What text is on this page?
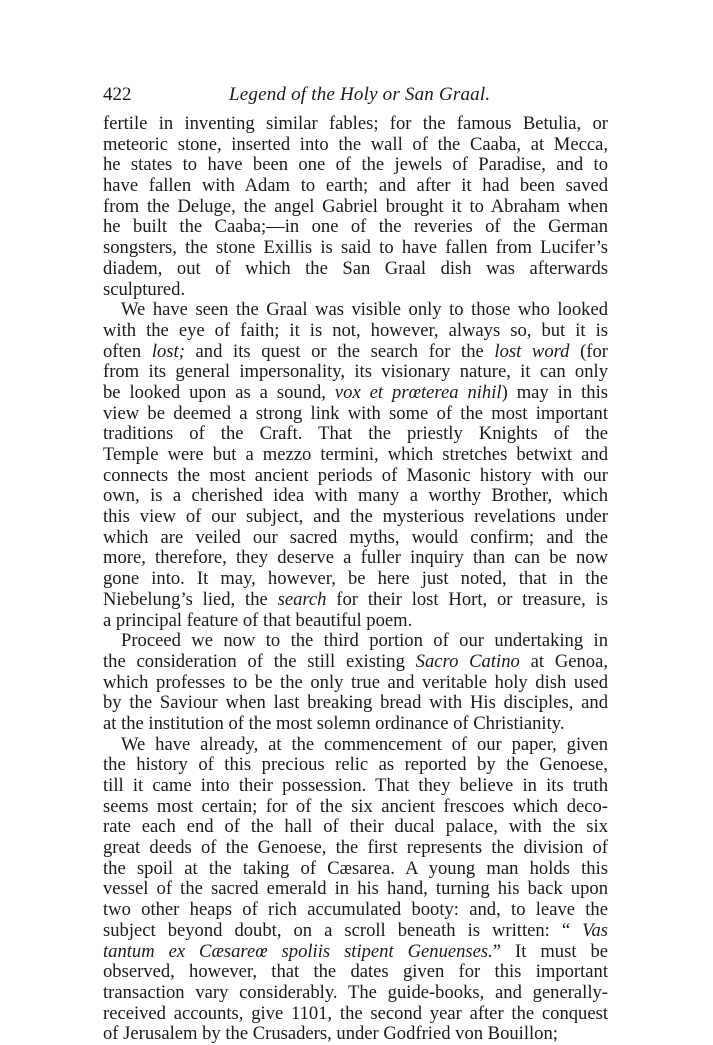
422	Legend of the Holy or San Graal.
fertile in inventing similar fables; for the famous Betulia, or
meteoric stone, inserted into the wall of the Caaba, at Mecca,
he states to have been one of the jewels of Paradise, and to
have fallen with Adam to earth; and after it had been saved
from the Deluge, the angel Gabriel brought it to Abraham when
he built the Caaba;—in one of the reveries of the German
songsters, the stone Exillis is said to have fallen from Lucifer’s
diadem, out of which the San Graal dish was afterwards
sculptured.
We have seen the Graal was visible only to those who looked
with the eye of faith; it is not, however, always so, but it is
often lost; and its quest or the search for the lost word (for
from its general impersonality, its visionary nature, it can only
be looked upon as a sound, vox et prœterea nihil) may in this
view be deemed a strong link with some of the most important
traditions of the Craft. That the priestly Knights of the
Temple were but a mezzo termini, which stretches betwixt and
connects the most ancient periods of Masonic history with our
own, is a cherished idea with many a worthy Brother, which
this view of our subject, and the mysterious revelations under
which are veiled our sacred myths, would confirm; and the
more, therefore, they deserve a fuller inquiry than can be now
gone into. It may, however, be here just noted, that in the
Niebelung’s lied, the search for their lost Hort, or treasure, is
a principal feature of that beautiful poem.
Proceed we now to the third portion of our undertaking in
the consideration of the still existing Sacro Catino at Genoa,
which professes to be the only true and veritable holy dish used
by the Saviour when last breaking bread with His disciples, and
at the institution of the most solemn ordinance of Christianity.
We have already, at the commencement of our paper, given
the history of this precious relic as reported by the Genoese,
till it came into their possession. That they believe in its truth
seems most certain; for of the six ancient frescoes which deco-
rate each end of the hall of their ducal palace, with the six
great deeds of the Genoese, the first represents the division of
the spoil at the taking of Cæsarea. A young man holds this
vessel of the sacred emerald in his hand, turning his back upon
two other heaps of rich accumulated booty: and, to leave the
subject beyond doubt, on a scroll beneath is written: “ Vas
tantum ex Cæsareœ spoliis stipent Genuenses.” It must be
observed, however, that the dates given for this important
transaction vary considerably. The guide-books, and generally-
received accounts, give 1101, the second year after the conquest
of Jerusalem by the Crusaders, under Godfried von Bouillon;
